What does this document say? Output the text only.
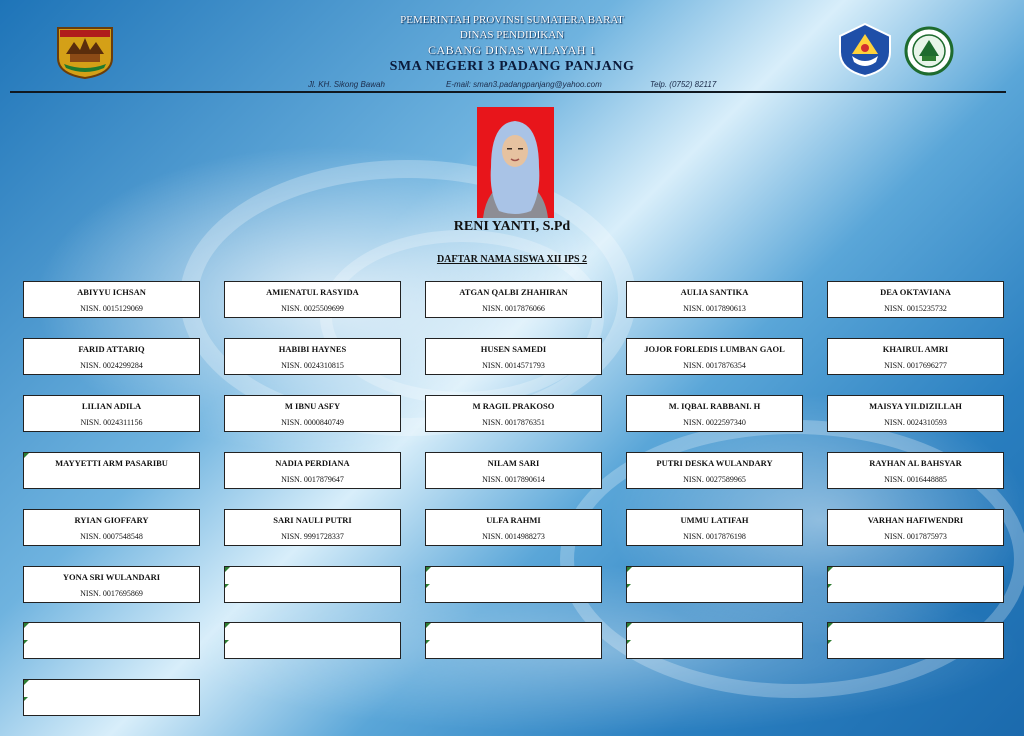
PEMERINTAH PROVINSI SUMATERA BARAT
DINAS PENDIDIKAN
CABANG DINAS WILAYAH 1
SMA NEGERI 3 PADANG PANJANG
Jl. KH. Sikong Bawah	E-mail: sman3.padangpanjang@yahoo.com	Telp. (0752) 82117
RENI YANTI, S.Pd
DAFTAR NAMA SISWA XII IPS 2
ABIYYU ICHSAN
NISN. 0015129069
AMIENATUL RASYIDA
NISN. 0025509699
ATGAN QALBI ZHAHIRAN
NISN. 0017876066
AULIA SANTIKA
NISN. 0017890613
DEA OKTAVIANA
NISN. 0015235732
FARID ATTARIQ
NISN. 0024299284
HABIBI HAYNES
NISN. 0024310815
HUSEN SAMEDI
NISN. 0014571793
JOJOR FORLEDIS LUMBAN GAOL
NISN. 0017876354
KHAIRUL AMRI
NISN. 0017696277
LILIAN ADILA
NISN. 0024311156
M IBNU ASFY
NISN. 0000840749
M RAGIL PRAKOSO
NISN. 0017876351
M. IQBAL RABBANI. H
NISN. 0022597340
MAISYA YILDIZILLAH
NISN. 0024310593
MAYYETTI ARM PASARIBU	NADIA PERDIANA
NISN. 0017879647
NILAM SARI
NISN. 0017890614
PUTRI DESKA WULANDARY
NISN. 0027589965
RAYHAN AL BAHSYAR
NISN. 0016448885
RYIAN GIOFFARY
NISN. 0007548548
SARI NAULI PUTRI
NISN. 9991728337
ULFA RAHMI
NISN. 0014988273
UMMU LATIFAH
NISN. 0017876198
VARHAN HAFIWENDRI
NISN. 0017875973
YONA SRI WULANDARI
NISN. 0017695869
